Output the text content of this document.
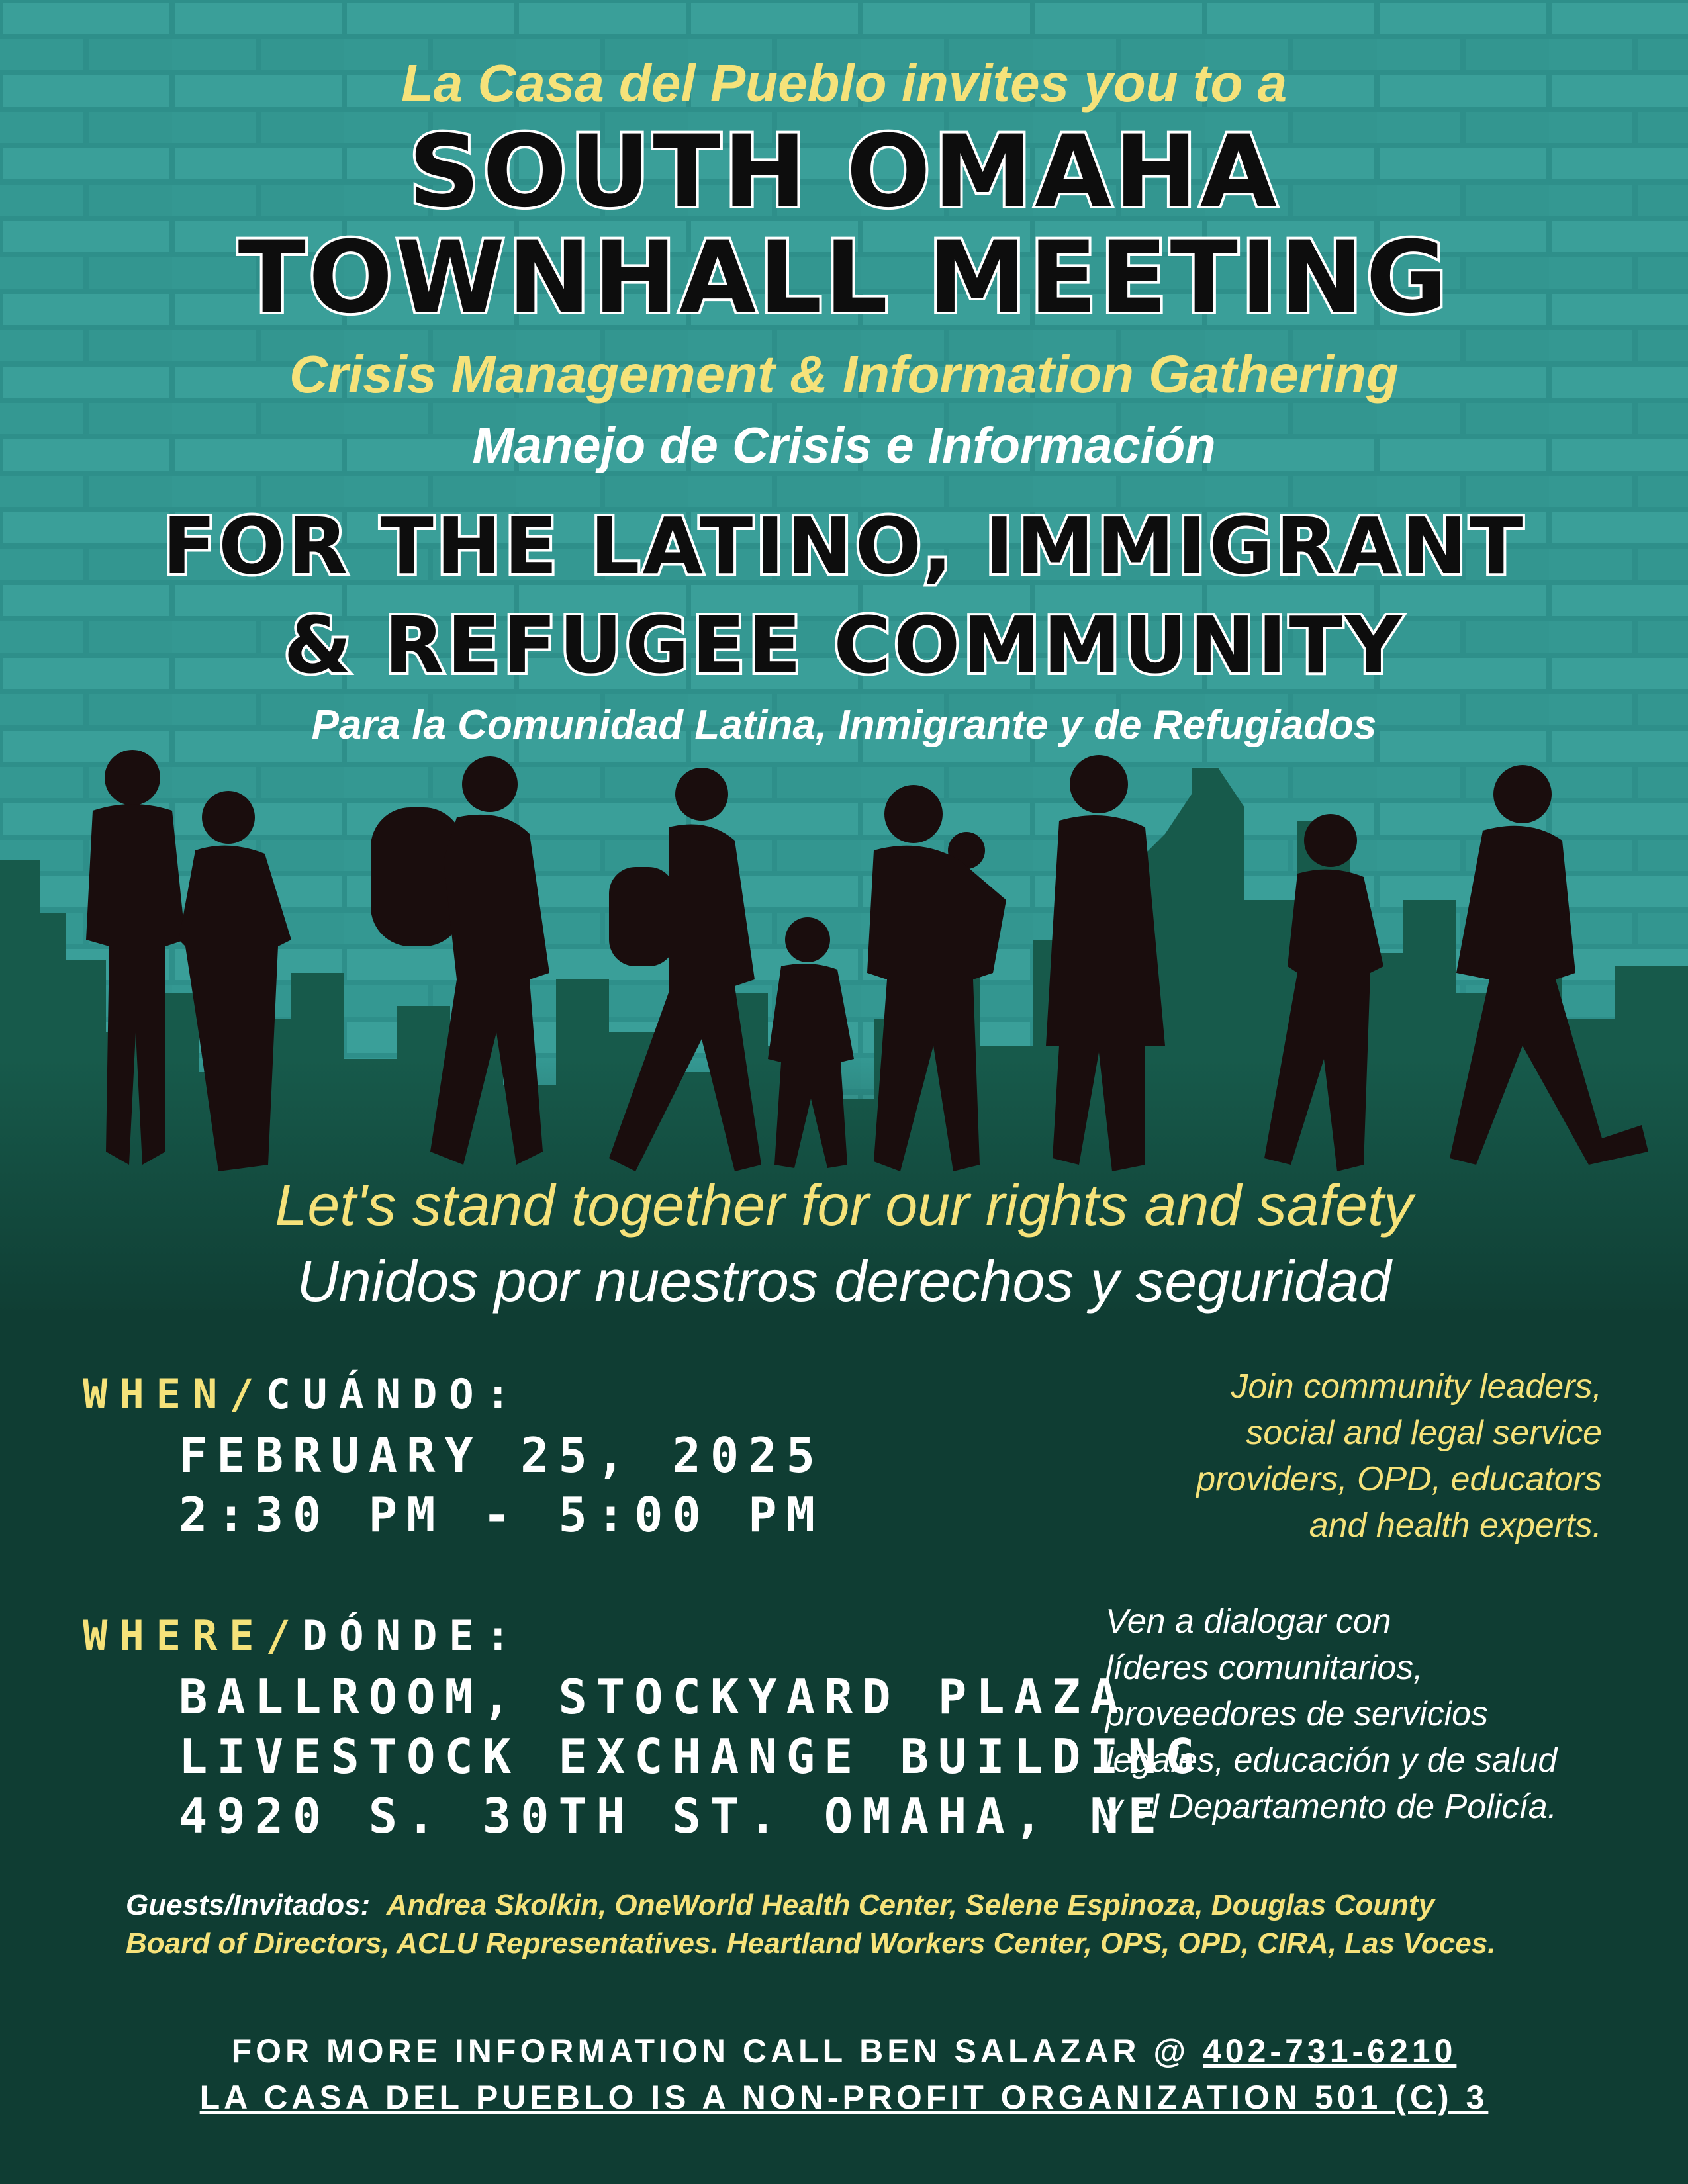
La Casa del Pueblo invites you to a
SOUTH OMAHA
TOWNHALL MEETING
Crisis Management & Information Gathering
Manejo de Crisis e Información
FOR THE LATINO, IMMIGRANT
& REFUGEE COMMUNITY
Para la Comunidad Latina, Inmigrante y de Refugiados
Let's stand together for our rights and safety
Unidos por nuestros derechos y seguridad
WHEN/CUÁNDO:
FEBRUARY 25, 2025
2:30 PM - 5:00 PM
WHERE/DÓNDE:
BALLROOM, STOCKYARD PLAZA
LIVESTOCK EXCHANGE BUILDING
4920 S. 30TH ST. OMAHA, NE
Join community leaders,
social and legal service
providers, OPD, educators
and health experts.
Ven a dialogar con
líderes comunitarios,
proveedores de servicios
legales, educación y de salud
y el Departamento de Policía.
Guests/Invitados: Andrea Skolkin, OneWorld Health Center, Selene Espinoza, Douglas County
Board of Directors, ACLU Representatives. Heartland Workers Center, OPS, OPD, CIRA, Las Voces.
FOR MORE INFORMATION CALL BEN SALAZAR @ 402-731-6210
LA CASA DEL PUEBLO IS A NON-PROFIT ORGANIZATION 501 (C) 3
